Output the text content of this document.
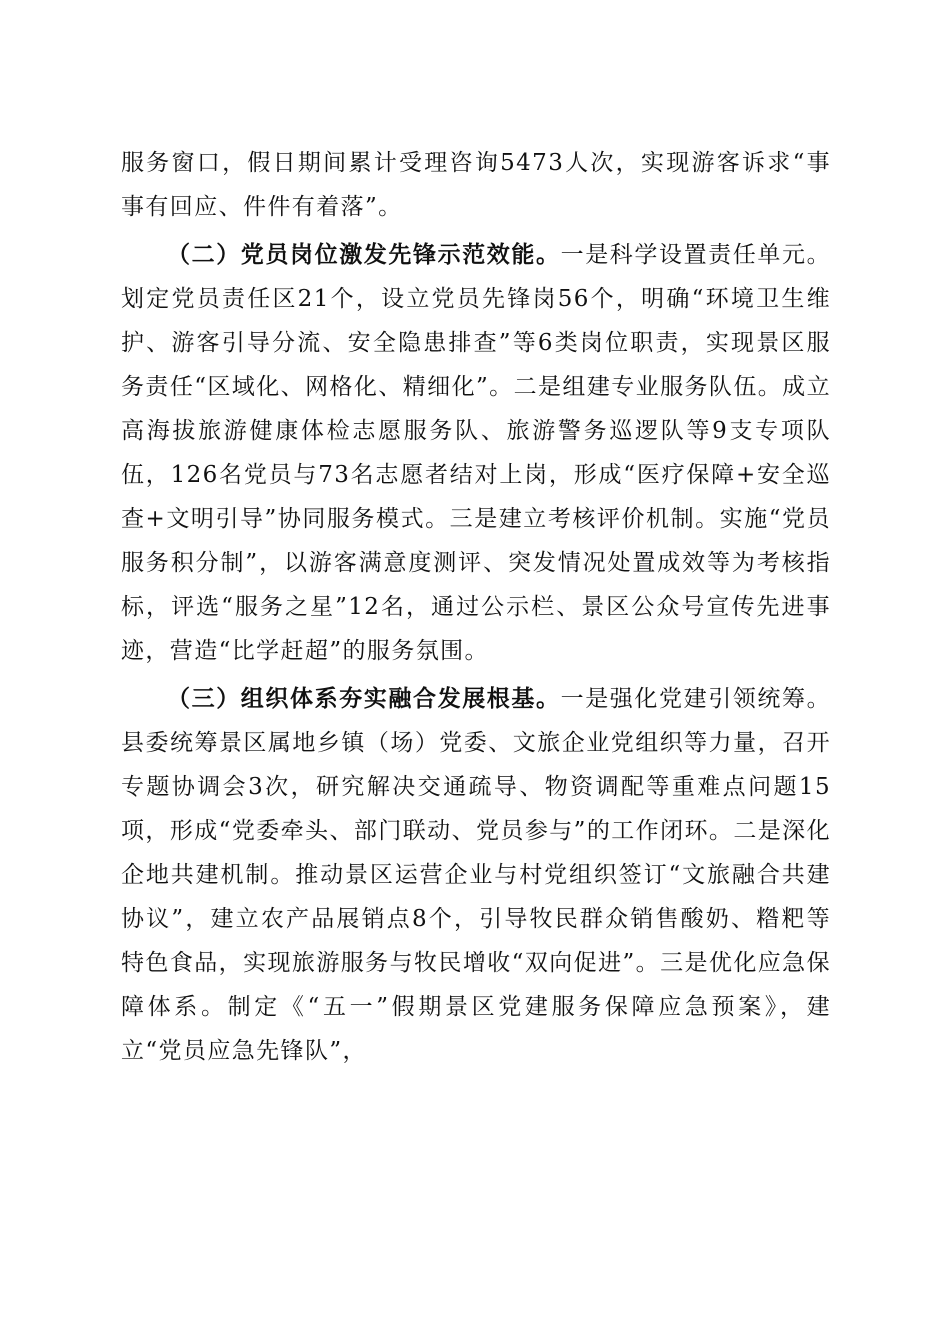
服务窗口，假日期间累计受理咨询5473人次，实现游客诉求“事事有回应、件件有着落”。

（二）党员岗位激发先锋示范效能。一是科学设置责任单元。划定党员责任区21个，设立党员先锋岗56个，明确“环境卫生维护、游客引导分流、安全隐患排查”等6类岗位职责，实现景区服务责任“区域化、网格化、精细化”。二是组建专业服务队伍。成立高海拔旅游健康体检志愿服务队、旅游警务巡逻队等9支专项队伍，126名党员与73名志愿者结对上岗，形成“医疗保障+安全巡查+文明引导”协同服务模式。三是建立考核评价机制。实施“党员服务积分制”，以游客满意度测评、突发情况处置成效等为考核指标，评选“服务之星”12名，通过公示栏、景区公众号宣传先进事迹，营造“比学赶超”的服务氛围。

（三）组织体系夯实融合发展根基。一是强化党建引领统筹。县委统筹景区属地乡镇（场）党委、文旅企业党组织等力量，召开专题协调会3次，研究解决交通疏导、物资调配等重难点问题15项，形成“党委牵头、部门联动、党员参与”的工作闭环。二是深化企地共建机制。推动景区运营企业与村党组织签订“文旅融合共建协议”，建立农产品展销点8个，引导牧民群众销售酸奶、糌粑等特色食品，实现旅游服务与牧民增收“双向促进”。三是优化应急保障体系。制定《“五一”假期景区党建服务保障应急预案》，建立“党员应急先锋队”，
